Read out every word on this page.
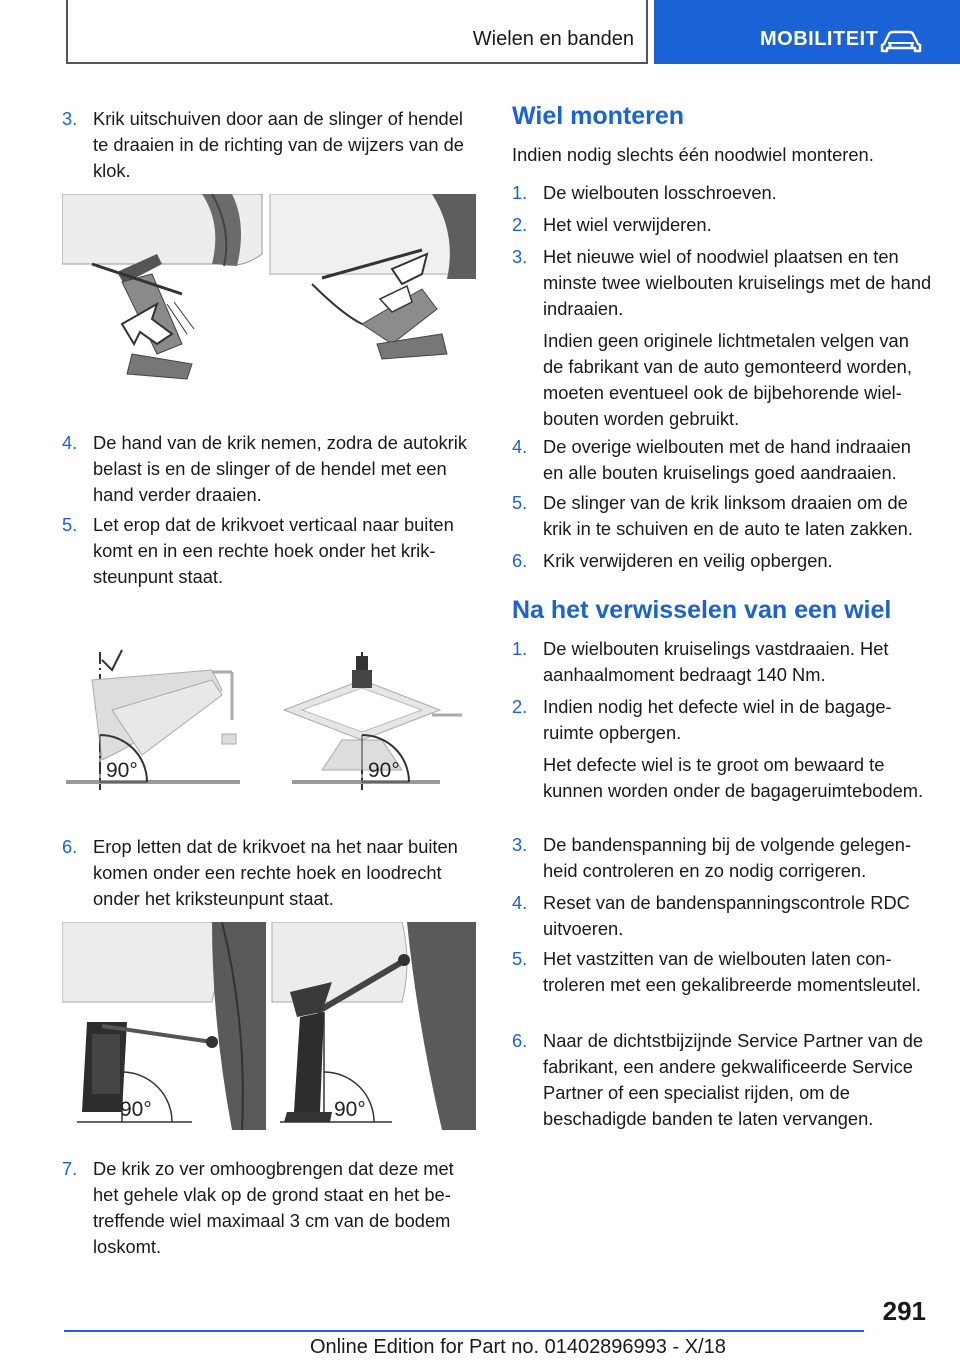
Wielen en banden	MOBILITEIT
3. Krik uitschuiven door aan de slinger of hendel te draaien in de richting van de wijzers van de klok.
4. De hand van de krik nemen, zodra de autokrik belast is en de slinger of de hendel met een hand verder draaien.
5. Let erop dat de krikvoet verticaal naar buiten komt en in een rechte hoek onder het kriksteunpunt staat.
90°	90°
6. Erop letten dat de krikvoet na het naar buiten komen onder een rechte hoek en loodrecht onder het kriksteunpunt staat.
90°	90°
7. De krik zo ver omhoogbrengen dat deze met het gehele vlak op de grond staat en het betreffende wiel maximaal 3 cm van de bodem loskomt.
Wiel monteren
Indien nodig slechts één noodwiel monteren.
1. De wielbouten losschroeven.
2. Het wiel verwijderen.
3. Het nieuwe wiel of noodwiel plaatsen en ten minste twee wielbouten kruiselings met de hand indraaien.
Indien geen originele lichtmetalen velgen van de fabrikant van de auto gemonteerd worden, moeten eventueel ook de bijbehorende wielbouten worden gebruikt.
4. De overige wielbouten met de hand indraaien en alle bouten kruiselings goed aandraaien.
5. De slinger van de krik linksom draaien om de krik in te schuiven en de auto te laten zakken.
6. Krik verwijderen en veilig opbergen.
Na het verwisselen van een wiel
1. De wielbouten kruiselings vastdraaien. Het aanhaalmoment bedraagt 140 Nm.
2. Indien nodig het defecte wiel in de bagageruimte opbergen.
Het defecte wiel is te groot om bewaard te kunnen worden onder de bagageruimtebodem.
3. De bandenspanning bij de volgende gelegenheid controleren en zo nodig corrigeren.
4. Reset van de bandenspanningscontrole RDC uitvoeren.
5. Het vastzitten van de wielbouten laten controleren met een gekalibreerde momentsleutel.
6. Naar de dichtstbijzijnde Service Partner van de fabrikant, een andere gekwalificeerde Service Partner of een specialist rijden, om de beschadigde banden te laten vervangen.
291
Online Edition for Part no. 01402896993 - X/18
